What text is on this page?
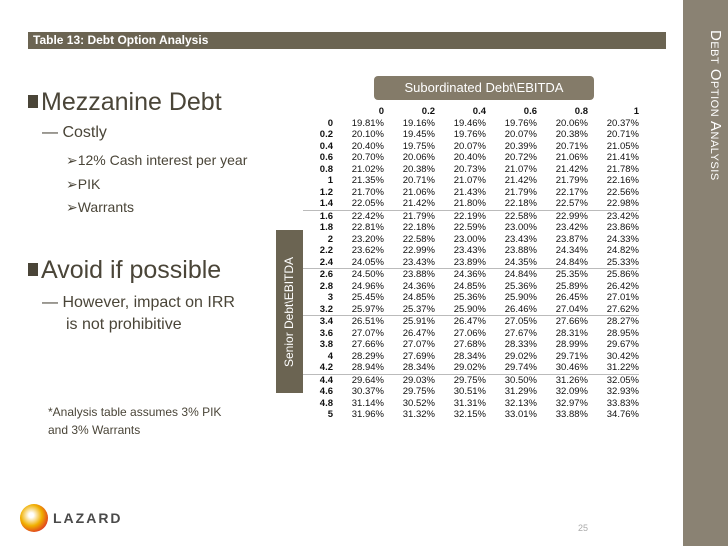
Debt Option Analysis
Table 13: Debt Option Analysis
Mezzanine Debt
— Costly
➢12% Cash interest per year
➢PIK
➢Warrants
Avoid if possible
— However, impact on IRR
is not prohibitive
*Analysis table assumes 3% PIK
and 3% Warrants
LAZARD
Subordinated Debt\EBITDA
Senior Debt\EBITDA
	0	0.2	0.4	0.6	0.8	1
0	19.81%	19.16%	19.46%	19.76%	20.06%	20.37%
0.2	20.10%	19.45%	19.76%	20.07%	20.38%	20.71%
0.4	20.40%	19.75%	20.07%	20.39%	20.71%	21.05%
0.6	20.70%	20.06%	20.40%	20.72%	21.06%	21.41%
0.8	21.02%	20.38%	20.73%	21.07%	21.42%	21.78%
1	21.35%	20.71%	21.07%	21.42%	21.79%	22.16%
1.2	21.70%	21.06%	21.43%	21.79%	22.17%	22.56%
1.4	22.05%	21.42%	21.80%	22.18%	22.57%	22.98%
1.6	22.42%	21.79%	22.19%	22.58%	22.99%	23.42%
1.8	22.81%	22.18%	22.59%	23.00%	23.42%	23.86%
2	23.20%	22.58%	23.00%	23.43%	23.87%	24.33%
2.2	23.62%	22.99%	23.43%	23.88%	24.34%	24.82%
2.4	24.05%	23.43%	23.89%	24.35%	24.84%	25.33%
2.6	24.50%	23.88%	24.36%	24.84%	25.35%	25.86%
2.8	24.96%	24.36%	24.85%	25.36%	25.89%	26.42%
3	25.45%	24.85%	25.36%	25.90%	26.45%	27.01%
3.2	25.97%	25.37%	25.90%	26.46%	27.04%	27.62%
3.4	26.51%	25.91%	26.47%	27.05%	27.66%	28.27%
3.6	27.07%	26.47%	27.06%	27.67%	28.31%	28.95%
3.8	27.66%	27.07%	27.68%	28.33%	28.99%	29.67%
4	28.29%	27.69%	28.34%	29.02%	29.71%	30.42%
4.2	28.94%	28.34%	29.02%	29.74%	30.46%	31.22%
4.4	29.64%	29.03%	29.75%	30.50%	31.26%	32.05%
4.6	30.37%	29.75%	30.51%	31.29%	32.09%	32.93%
4.8	31.14%	30.52%	31.31%	32.13%	32.97%	33.83%
5	31.96%	31.32%	32.15%	33.01%	33.88%	34.76%
25
